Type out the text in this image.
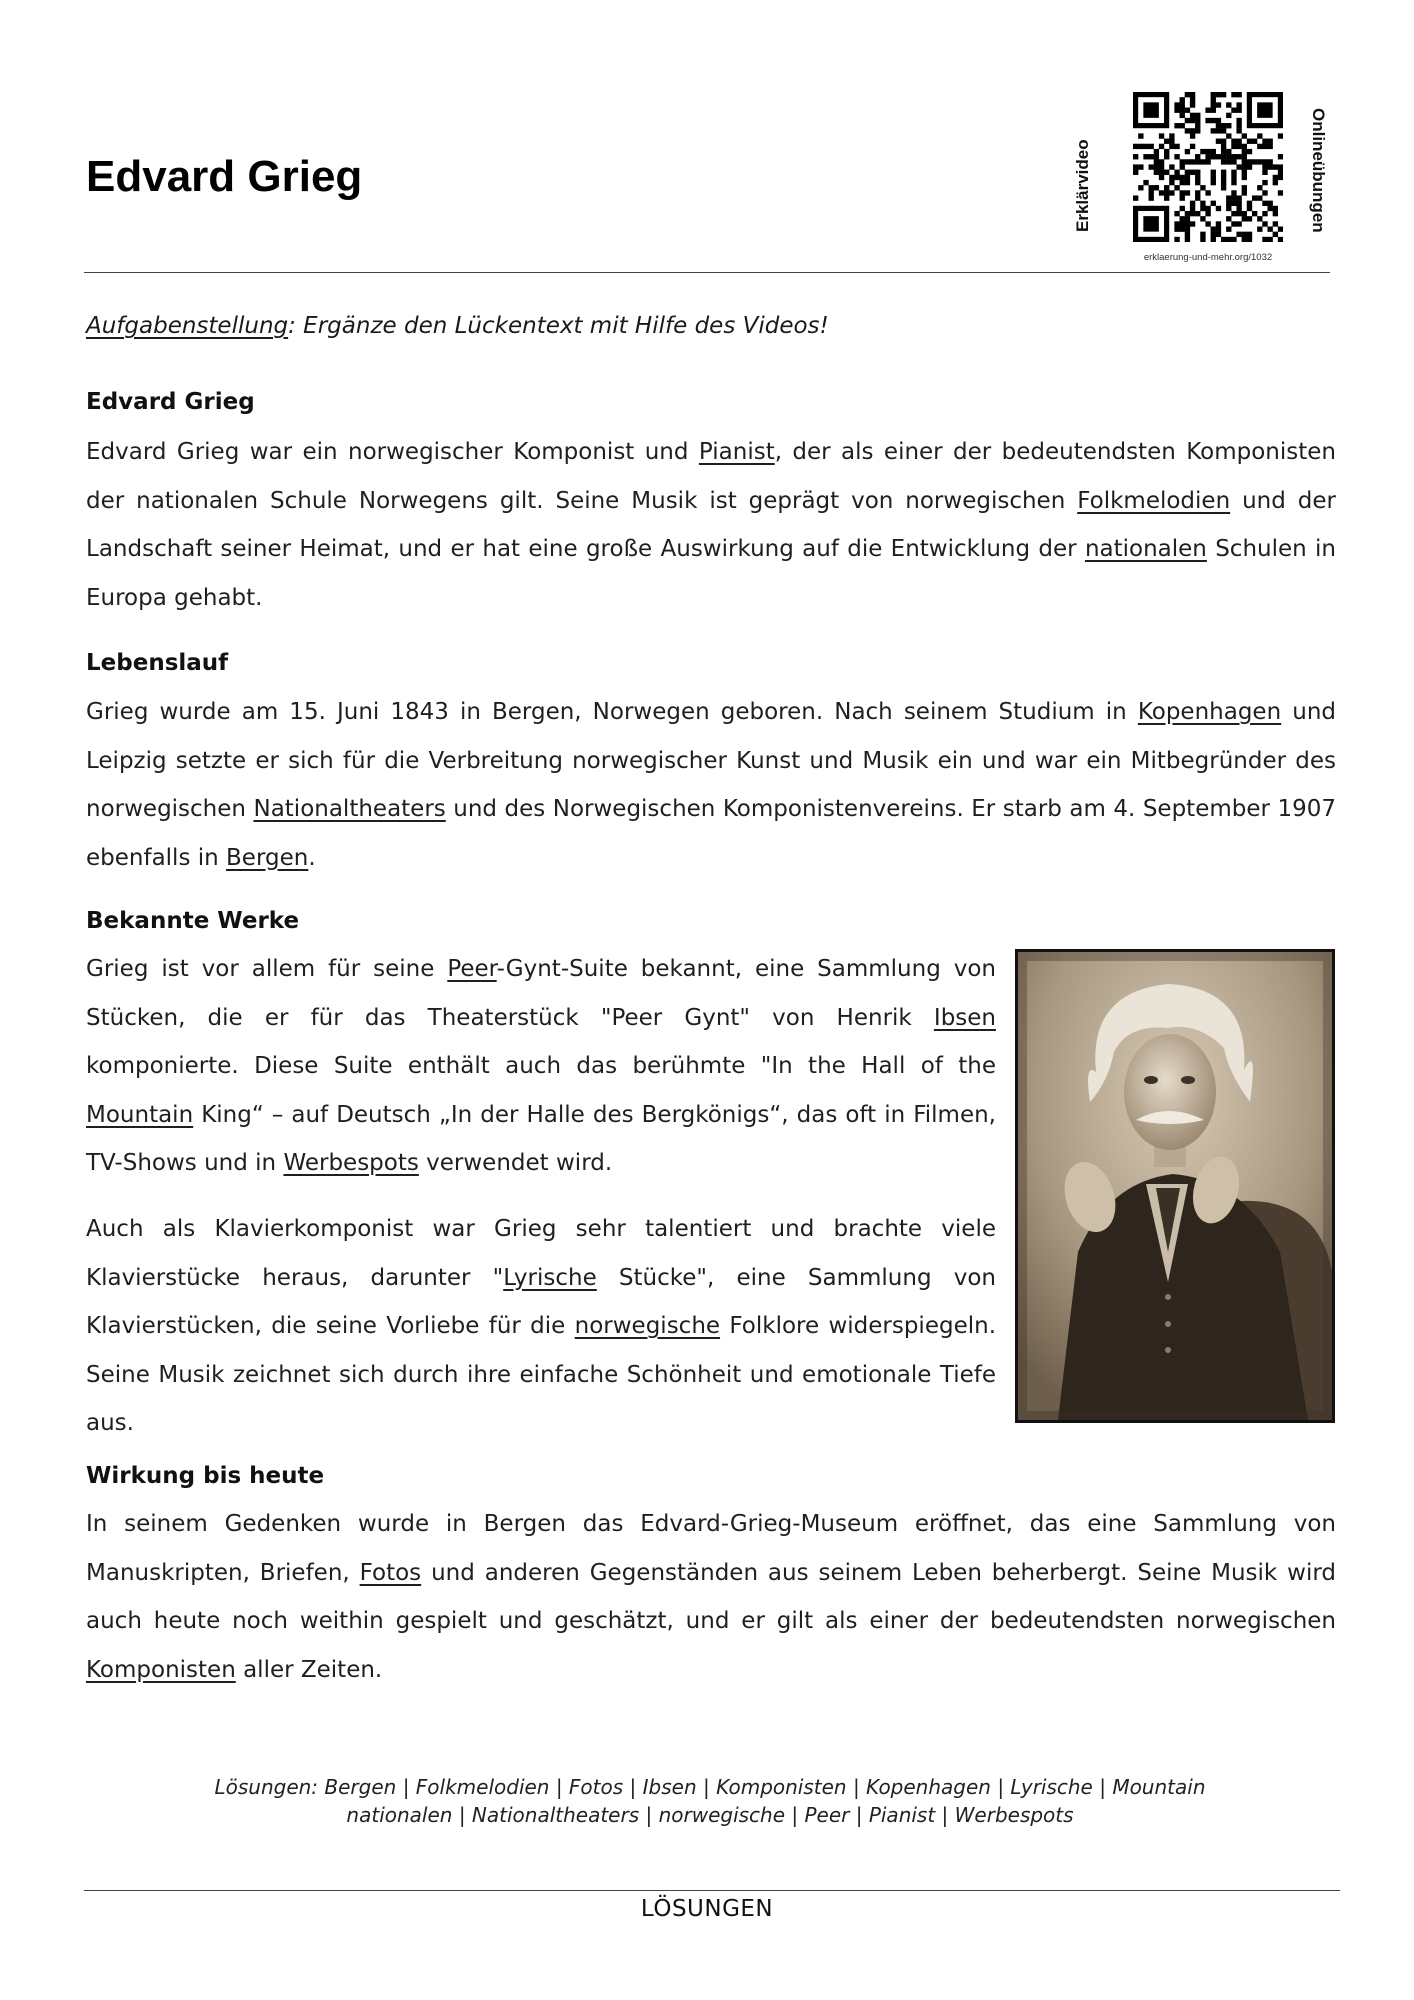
Edvard Grieg	Erklärvideo	Onlineübungen
erklaerung-und-mehr.org/1032

Aufgabenstellung: Ergänze den Lückentext mit Hilfe des Videos!

Edvard Grieg

Edvard Grieg war ein norwegischer Komponist und Pianist, der als einer der bedeutendsten Komponisten der nationalen Schule Norwegens gilt. Seine Musik ist geprägt von norwegischen Folkmelodien und der Landschaft seiner Heimat, und er hat eine große Auswirkung auf die Entwicklung der nationalen Schulen in Europa gehabt.

Lebenslauf

Grieg wurde am 15. Juni 1843 in Bergen, Norwegen geboren. Nach seinem Studium in Kopenhagen und Leipzig setzte er sich für die Verbreitung norwegischer Kunst und Musik ein und war ein Mitbegründer des norwegischen Nationaltheaters und des Norwegischen Komponistenvereins. Er starb am 4. September 1907 ebenfalls in Bergen.

Bekannte Werke

Grieg ist vor allem für seine Peer-Gynt-Suite bekannt, eine Sammlung von Stücken, die er für das Theaterstück "Peer Gynt" von Henrik Ibsen komponierte. Diese Suite enthält auch das berühmte "In the Hall of the Mountain King“ – auf Deutsch „In der Halle des Bergkönigs“, das oft in Filmen, TV-Shows und in Werbespots verwendet wird.

Auch als Klavierkomponist war Grieg sehr talentiert und brachte viele Klavierstücke heraus, darunter "Lyrische Stücke", eine Sammlung von Klavierstücken, die seine Vorliebe für die norwegische Folklore widerspiegeln. Seine Musik zeichnet sich durch ihre einfache Schönheit und emotionale Tiefe aus.

Wirkung bis heute

In seinem Gedenken wurde in Bergen das Edvard-Grieg-Museum eröffnet, das eine Sammlung von Manuskripten, Briefen, Fotos und anderen Gegenständen aus seinem Leben beherbergt. Seine Musik wird auch heute noch weithin gespielt und geschätzt, und er gilt als einer der bedeutendsten norwegischen Komponisten aller Zeiten.

Lösungen: Bergen | Folkmelodien | Fotos | Ibsen | Komponisten | Kopenhagen | Lyrische | Mountain
nationalen | Nationaltheaters | norwegische | Peer | Pianist | Werbespots

LÖSUNGEN
